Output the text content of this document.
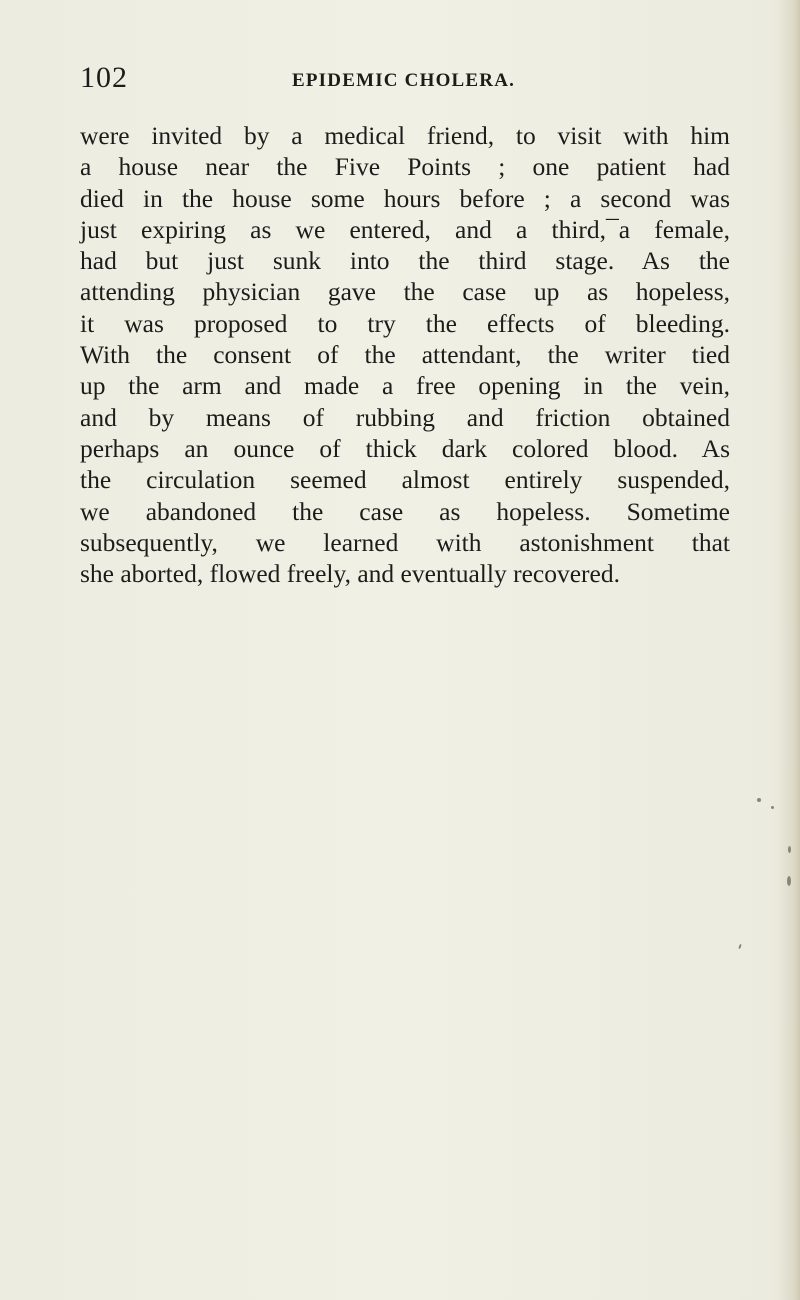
102	EPIDEMIC CHOLERA.
were invited by a medical friend, to visit with him
a house near the Five Points ; one patient had
died in the house some hours before ; a second was
just expiring as we entered, and a third,¯a female,
had but just sunk into the third stage. As the
attending physician gave the case up as hopeless,
it was proposed to try the effects of bleeding.
With the consent of the attendant, the writer tied
up the arm and made a free opening in the vein,
and by means of rubbing and friction obtained
perhaps an ounce of thick dark colored blood. As
the circulation seemed almost entirely suspended,
we abandoned the case as hopeless. Sometime
subsequently, we learned with astonishment that
she aborted, flowed freely, and eventually recovered.
